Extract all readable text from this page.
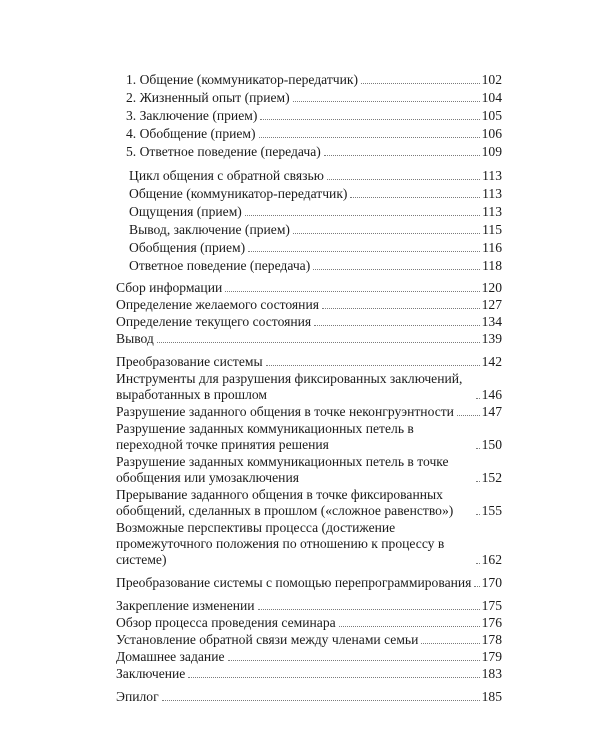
1. Общение (коммуникатор-передатчик)	102
2. Жизненный опыт (прием)	104
3. Заключение (прием)	105
4. Обобщение (прием)	106
5. Ответное поведение (передача)	109
Цикл общения с обратной связью	113
Общение (коммуникатор-передатчик)	113
Ощущения (прием)	113
Вывод, заключение (прием)	115
Обобщения (прием)	116
Ответное поведение (передача)	118
Сбор информации	120
Определение желаемого состояния	127
Определение текущего состояния	134
Вывод	139
Преобразование системы	142
Инструменты для разрушения фиксированных заключений, выработанных в прошлом	146
Разрушение заданного общения в точке неконгруэнтности 147
Разрушение заданных коммуникационных петель в переходной точке принятия решения	150
Разрушение заданных коммуникационных петель в точке обобщения или умозаключения	152
Прерывание заданного общения в точке фиксированных обобщений, сделанных в прошлом («сложное равенство»)	155
Возможные перспективы процесса (достижение промежуточного положения по отношению к процессу в системе)	162
Преобразование системы с помощью перепрограммирования 170
Закрепление изменении	175
Обзор процесса проведения семинара	176
Установление обратной связи между членами семьи	178
Домашнее задание	179
Заключение	183
Эпилог	185
